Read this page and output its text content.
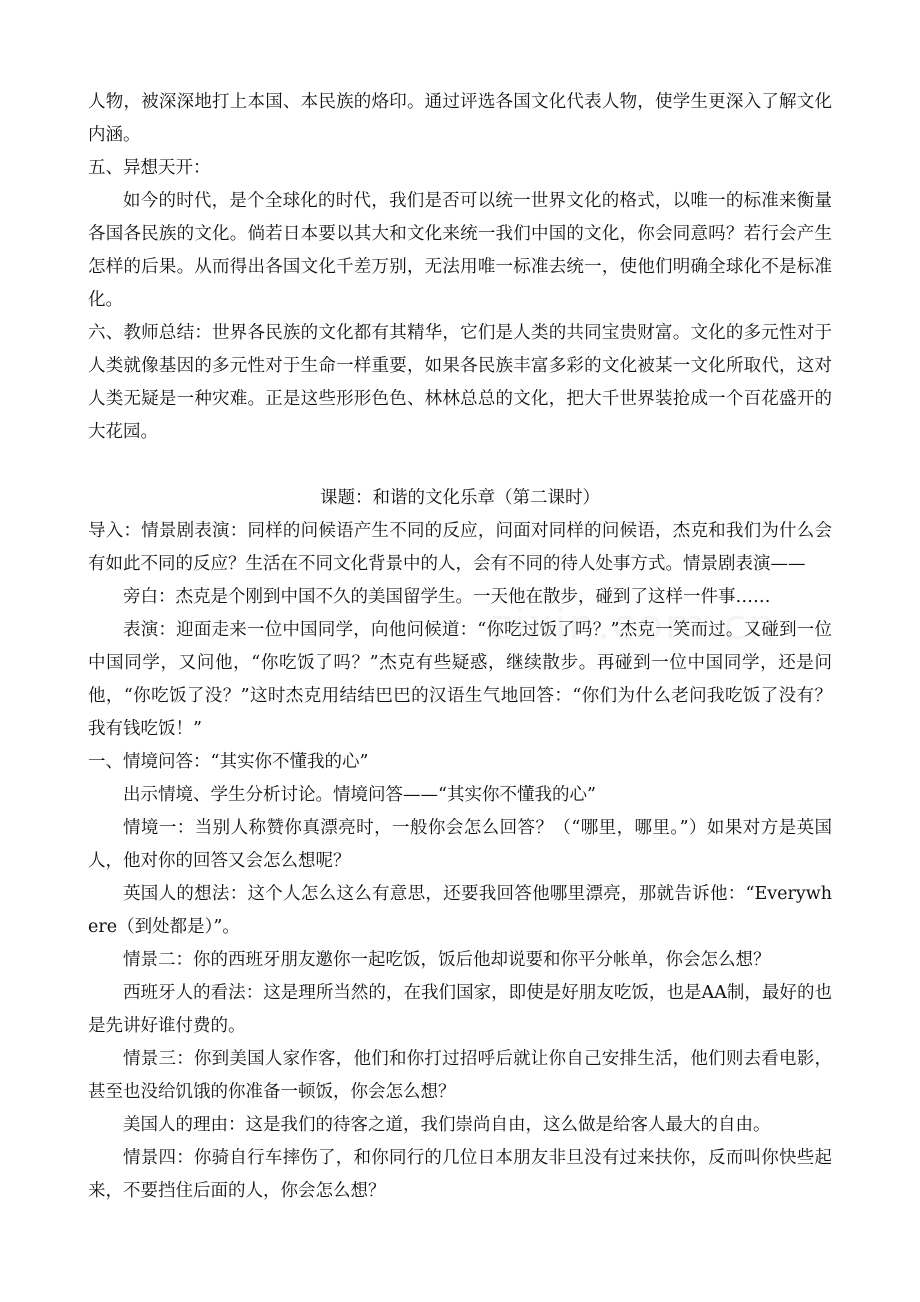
人物，被深深地打上本国、本民族的烙印。通过评选各国文化代表人物，使学生更深入了解文化内涵。

五、异想天开：

如今的时代，是个全球化的时代，我们是否可以统一世界文化的格式，以唯一的标准来衡量各国各民族的文化。倘若日本要以其大和文化来统一我们中国的文化，你会同意吗？若行会产生怎样的后果。从而得出各国文化千差万别，无法用唯一标准去统一，使他们明确全球化不是标准化。

六、教师总结：世界各民族的文化都有其精华，它们是人类的共同宝贵财富。文化的多元性对于人类就像基因的多元性对于生命一样重要，如果各民族丰富多彩的文化被某一文化所取代，这对人类无疑是一种灾难。正是这些形形色色、林林总总的文化，把大千世界装抢成一个百花盛开的大花园。

课题：和谐的文化乐章（第二课时）

导入：情景剧表演：同样的问候语产生不同的反应，问面对同样的问候语，杰克和我们为什么会有如此不同的反应？生活在不同文化背景中的人，会有不同的待人处事方式。情景剧表演——

旁白：杰克是个刚到中国不久的美国留学生。一天他在散步，碰到了这样一件事……

表演：迎面走来一位中国同学，向他问候道：“你吃过饭了吗？”杰克一笑而过。又碰到一位中国同学，又问他，“你吃饭了吗？”杰克有些疑惑，继续散步。再碰到一位中国同学，还是问他，“你吃饭了没？”这时杰克用结结巴巴的汉语生气地回答：“你们为什么老问我吃饭了没有？我有钱吃饭！”

一、情境问答：“其实你不懂我的心”

出示情境、学生分析讨论。情境问答——“其实你不懂我的心”

情境一：当别人称赞你真漂亮时，一般你会怎么回答？（“哪里，哪里。”）如果对方是英国人，他对你的回答又会怎么想呢？

英国人的想法：这个人怎么这么有意思，还要我回答他哪里漂亮，那就告诉他：“Everywhere（到处都是）”。

情景二：你的西班牙朋友邀你一起吃饭，饭后他却说要和你平分帐单，你会怎么想？

西班牙人的看法：这是理所当然的，在我们国家，即使是好朋友吃饭，也是AA制，最好的也是先讲好谁付费的。

情景三：你到美国人家作客，他们和你打过招呼后就让你自己安排生活，他们则去看电影，甚至也没给饥饿的你准备一顿饭，你会怎么想？

美国人的理由：这是我们的待客之道，我们崇尚自由，这么做是给客人最大的自由。

情景四：你骑自行车摔伤了，和你同行的几位日本朋友非旦没有过来扶你，反而叫你快些起来，不要挡住后面的人，你会怎么想？
